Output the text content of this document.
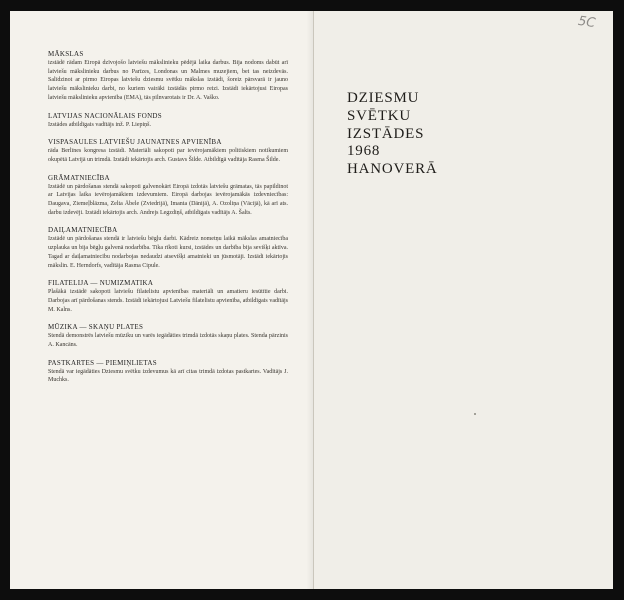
MĀKSLAS

izstādē rādam Eiropā dzīvojošo latviešu mākslinieku pēdējā laika darbus. Bija nodoms dabūt arī latviešu mākslinieku darbus no Parīzes, Londonas un Malmes muzejiem, bet tas neizdevās. Salīdzinot ar pirmo Eiropas latviešu dziesmu svētku mākslas izstādi, šoreiz pārsvarā ir jauno latviešu mākslinieku darbi, no kuriem vairāki izstādās pirmo reizi. Izstādi iekārtojusi Eiropas latviešu mākslinieku apvienība (EMA), tās pilnvarotais ir Dr. A. Vaško.

LATVIJAS NACIONĀLAIS FONDS

Izstādes atbildīgais vadītājs inž. P. Liepiņš.

VISPASAULES LATVIEŠU JAUNATNES APVIENĪBA

rāda Berlīnes kongresa izstādi. Materiāli sakopoti par ievērojamākiem politiskiem notikumiem okupētā Latvijā un trimdā. Izstādi iekārtojis arch. Gustavs Šilde. Atbildīgā vadītāja Rasma Šilde.

GRĀMATNIECĪBA

Izstādē un pārdošanas stendā sakopoti galvenokārt Eiropā izdotās latviešu grāmatas, tās papildinot ar Latvijas laika ievērojamākiem izdevumiem. Eiropā darbojas ievērojamākās izdevniecības: Daugava, Ziemeļblāzma, Zelta Ābele (Zviedrijā), Imanta (Dānijā), A. Ozoliņa (Vācijā), kā arī ats. darbu izdevēji. Izstādi iekārtojis arch. Andrejs Legzdiņš, atbildīgais vadītājs A. Šalts.

DAIĻAMATNIECĪBA

Izstādē un pārdošanas stendā ir latviešu bēgļu darbi. Kādreiz nometņu laikā mākslas amatniecība uzplauka un bija bēgļu galvenā nodarbība. Tika rīkoti kursi, izstādes un darbība bija sevišķi aktīva. Tagad ar daiļamatniecību nodarbojas nedaudzi atsevišķi amatnieki un jūsmotāji. Izstādi iekārtojis mākslin. E. Herndorfs, vadītāja Rasma Cipule.

FILATELIJA — NUMIZMATIKA

Plašākā izstādē sakopoti latviešu filatelistu apvienības materiāli un amatieru iesūtītie darbi. Darbojas arī pārdošanas stends. Izstādi iekārtojusi Latviešu filatelistu apvienība, atbildīgais vadītājs M. Kalns.

MŪZIKA — SKAŅU PLATES

Stendā demonstrēs latviešu mūziku un varēs iegādāties trimdā izdotās skaņu plates. Stenda pārzinis A. Kancāns.

PASTKARTES — PIEMIŅLIETAS

Stendā var iegādāties Dziesmu svētku izdevumus kā arī citas trimdā izdotas pastkartes. Vadītājs J. Muchks.

5C
DZIESMU
SVĒTKU
IZSTĀDES
1968
HANOVERĀ
